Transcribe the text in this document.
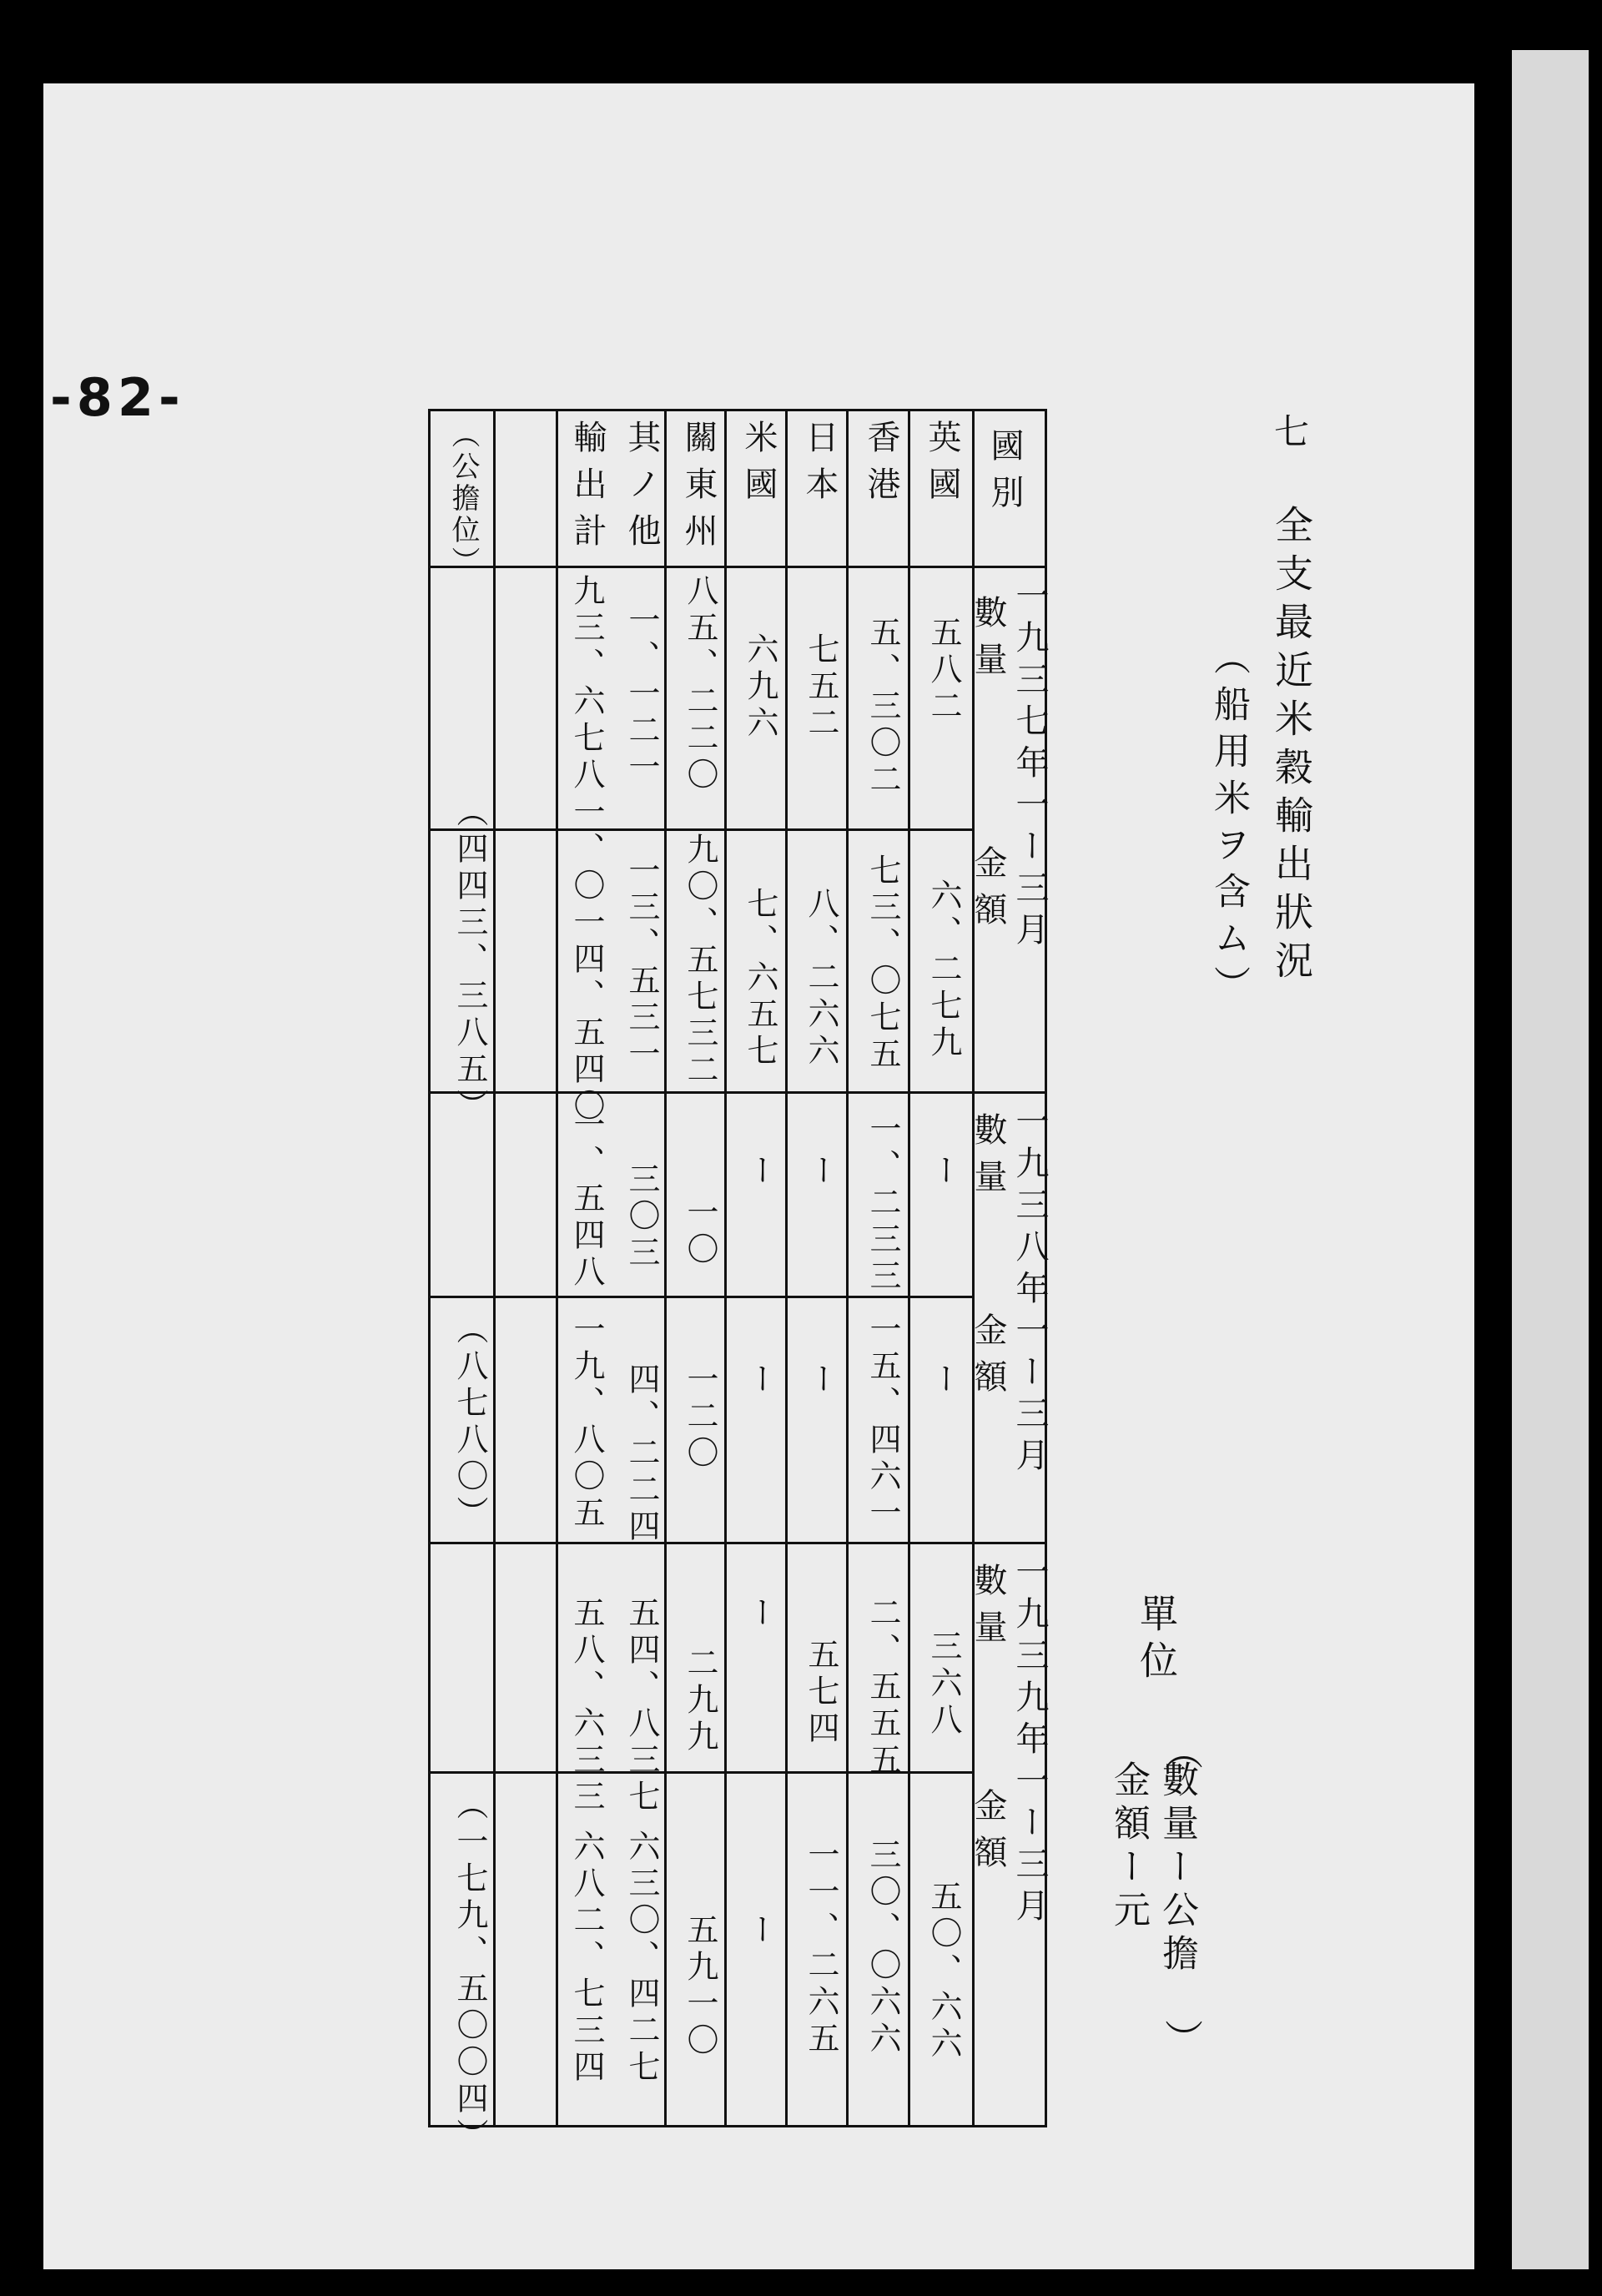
-82-
七
全支最近米穀輸出狀況
（船用米ヲ含ム）
單位
（
數量ー公擔
金額ー元
）
國別
一九三七年一ー三月
數量
金額
一九三八年一ー三月
數量
金額
一九三九年一ー三月
數量
金額
英國
香港
日本
米國
關東州
其ノ他
輸出計
（公擔位）
五八二
六、二七九
ー
ー
三六八
五〇、六六
五、三〇二
七三、〇七五
一、二三三
一五、四六一
二、五五五
三〇、〇六六
七五二
八、二六六
ー
ー
五七四
一一、二六五
六九六
七、六五七
ー
ー
ー
ー
八五、二二〇
九〇、五七三二
一〇
一二〇
二九九
五九一〇
一、一二一
一三、五三一
三〇三
四、二二四
五四、八三七
六三〇、四二七
九三、六七八
一、〇一四、五四〇
一、五四八
一九、八〇五
五八、六三三
六八二、七三四
（四四三、三八五）
（八七八〇）
（一七九、五〇〇四）
